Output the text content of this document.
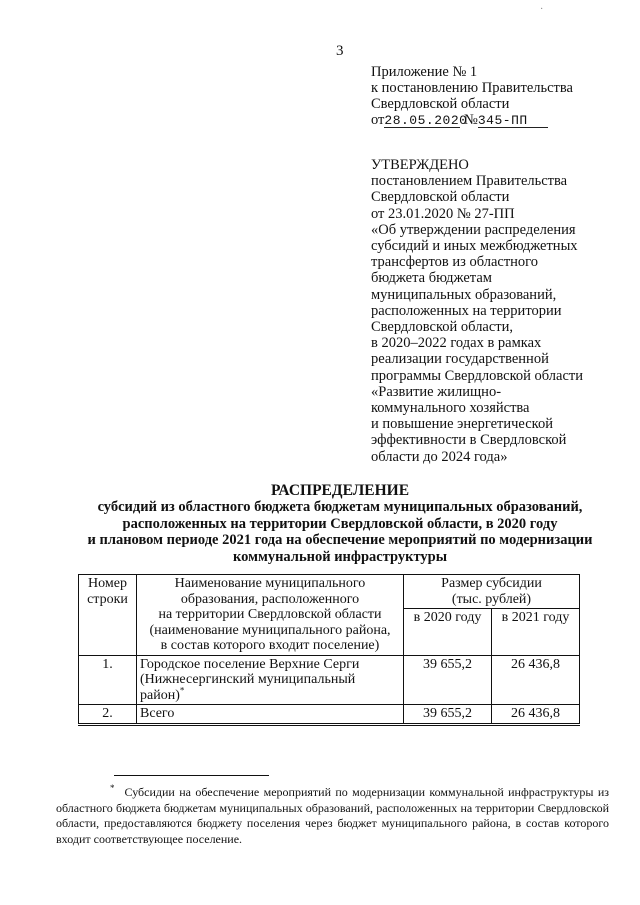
·
3
Приложение № 1
к постановлению Правительства
Свердловской области
от28.05.2020 №345-ПП
УТВЕРЖДЕНО
постановлением Правительства
Свердловской области
от 23.01.2020 № 27-ПП
«Об утверждении распределения
субсидий и иных межбюджетных
трансфертов из областного
бюджета бюджетам
муниципальных образований,
расположенных на территории
Свердловской области,
в 2020–2022 годах в рамках
реализации государственной
программы Свердловской области
«Развитие жилищно-
коммунального хозяйства
и повышение энергетической
эффективности в Свердловской
области до 2024 года»
РАСПРЕДЕЛЕНИЕ
субсидий из областного бюджета бюджетам муниципальных образований,
расположенных на территории Свердловской области, в 2020 году
и плановом периоде 2021 года на обеспечение мероприятий по модернизации
коммунальной инфраструктуры
Номер строки	Наименование муниципального
образования, расположенного
на территории Свердловской области
(наименование муниципального района,
в состав которого входит поселение)	Размер субсидии
(тыс. рублей)	

		в 2020 году	в 2021 году
1.	Городское поселение Верхние Серги (Нижнесергинский муниципальный район)*	39 655,2	26 436,8
2.	Всего	39 655,2	26 436,8
* Субсидии на обеспечение мероприятий по модернизации коммунальной инфраструктуры из областного бюджета бюджетам муниципальных образований, расположенных на территории Свердловской области, предоставляются бюджету поселения через бюджет муниципального района, в состав которого входит соответствующее поселение.
